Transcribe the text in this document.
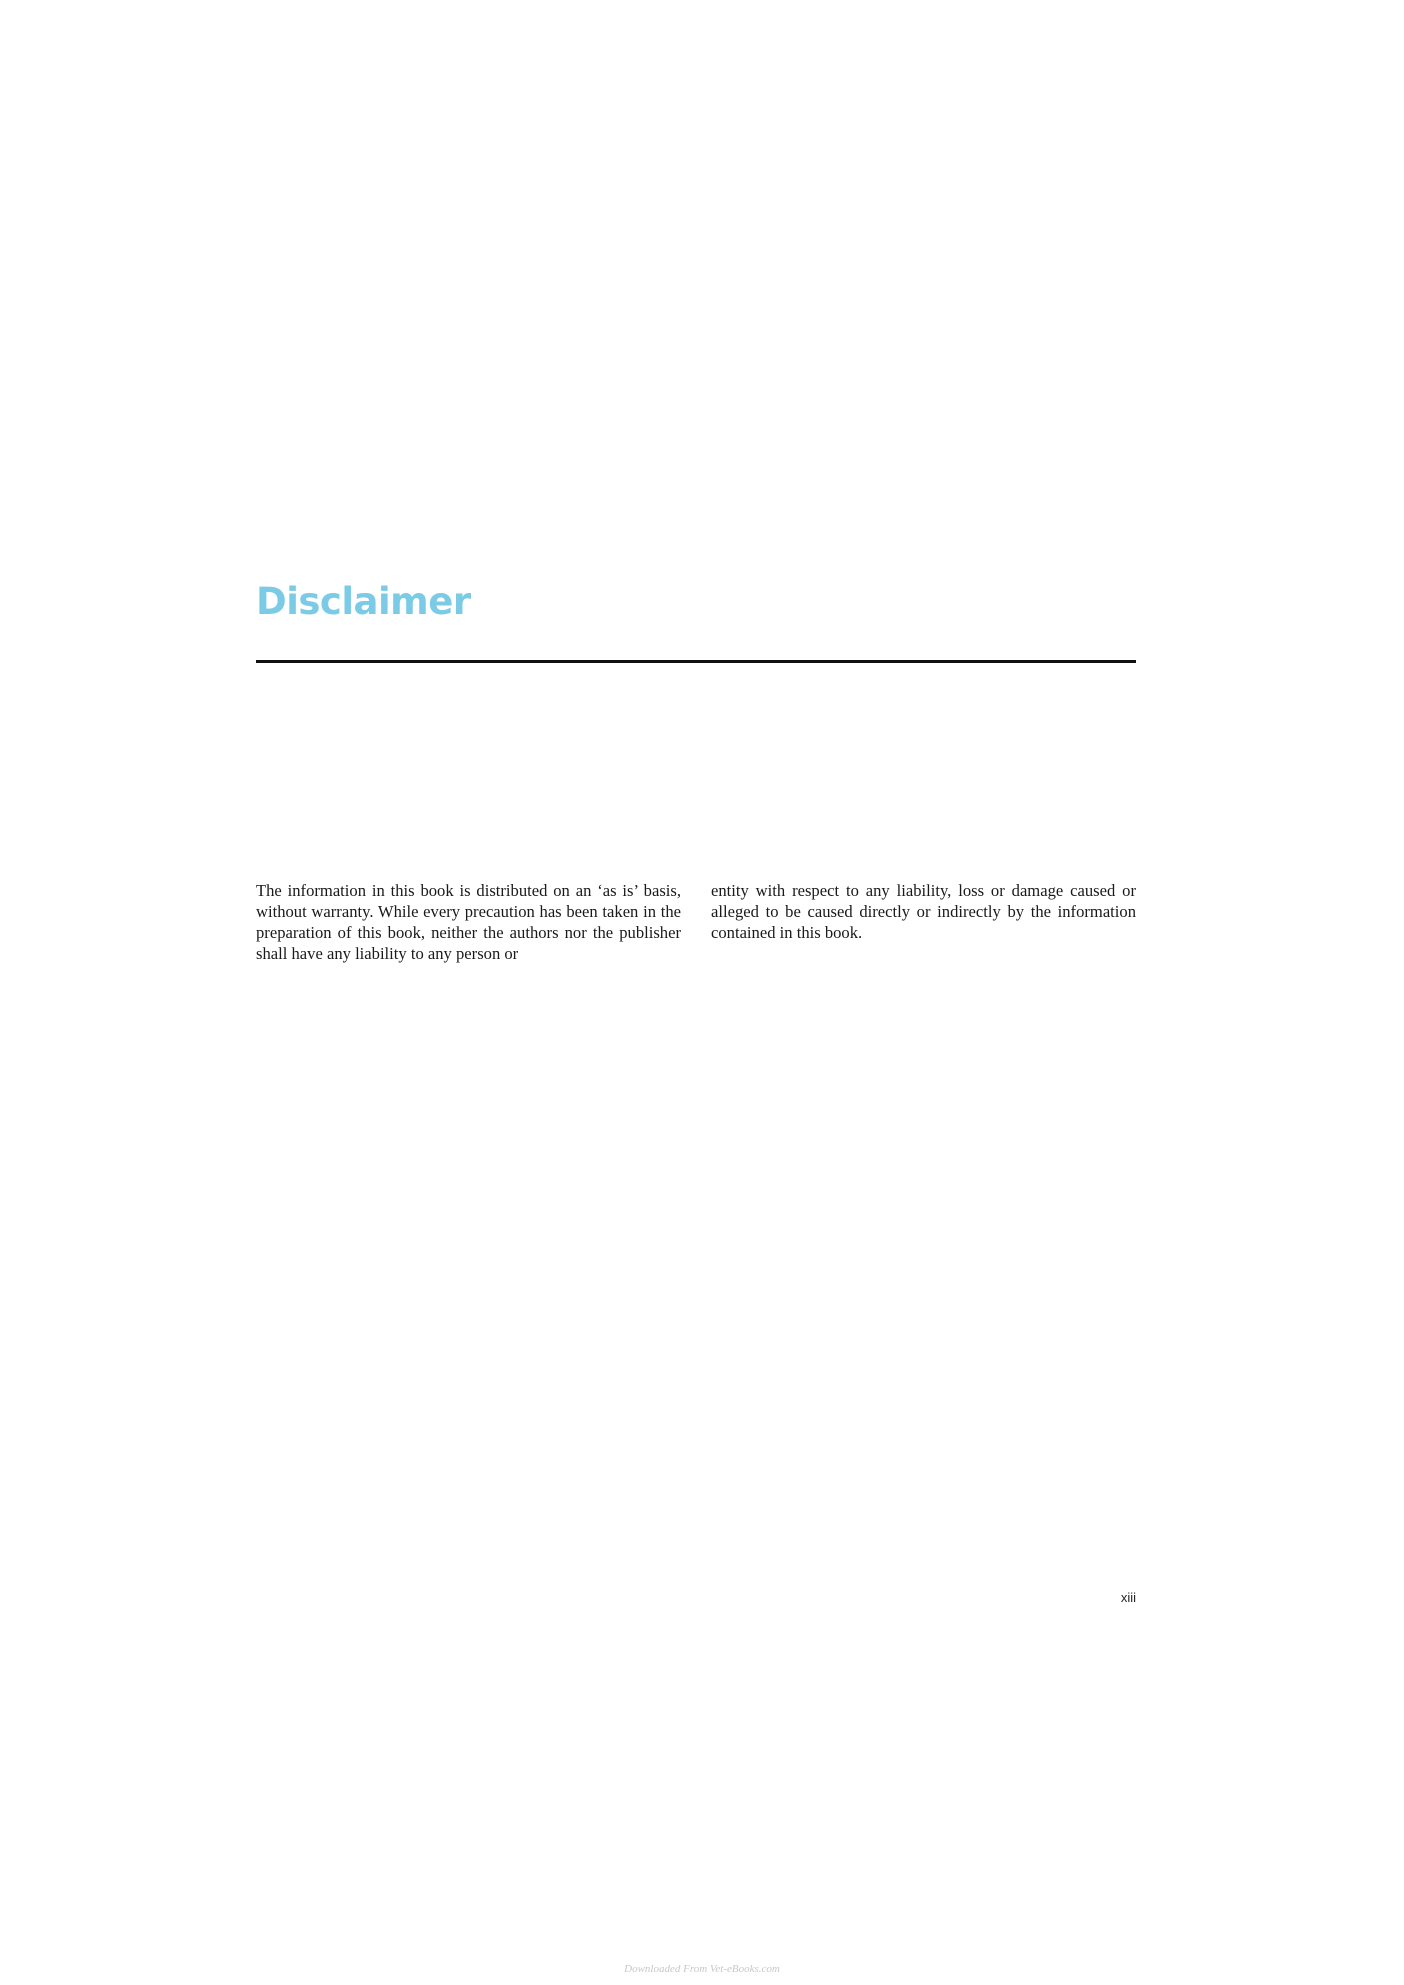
Disclaimer

The information in this book is distributed on an ‘as is’ basis, without warranty. While every precaution has been taken in the preparation of this book, neither the authors nor the publisher shall have any liability to any person or

entity with respect to any liability, loss or damage caused or alleged to be caused directly or indirectly by the information contained in this book.

xiii
Downloaded From Vet-eBooks.com
